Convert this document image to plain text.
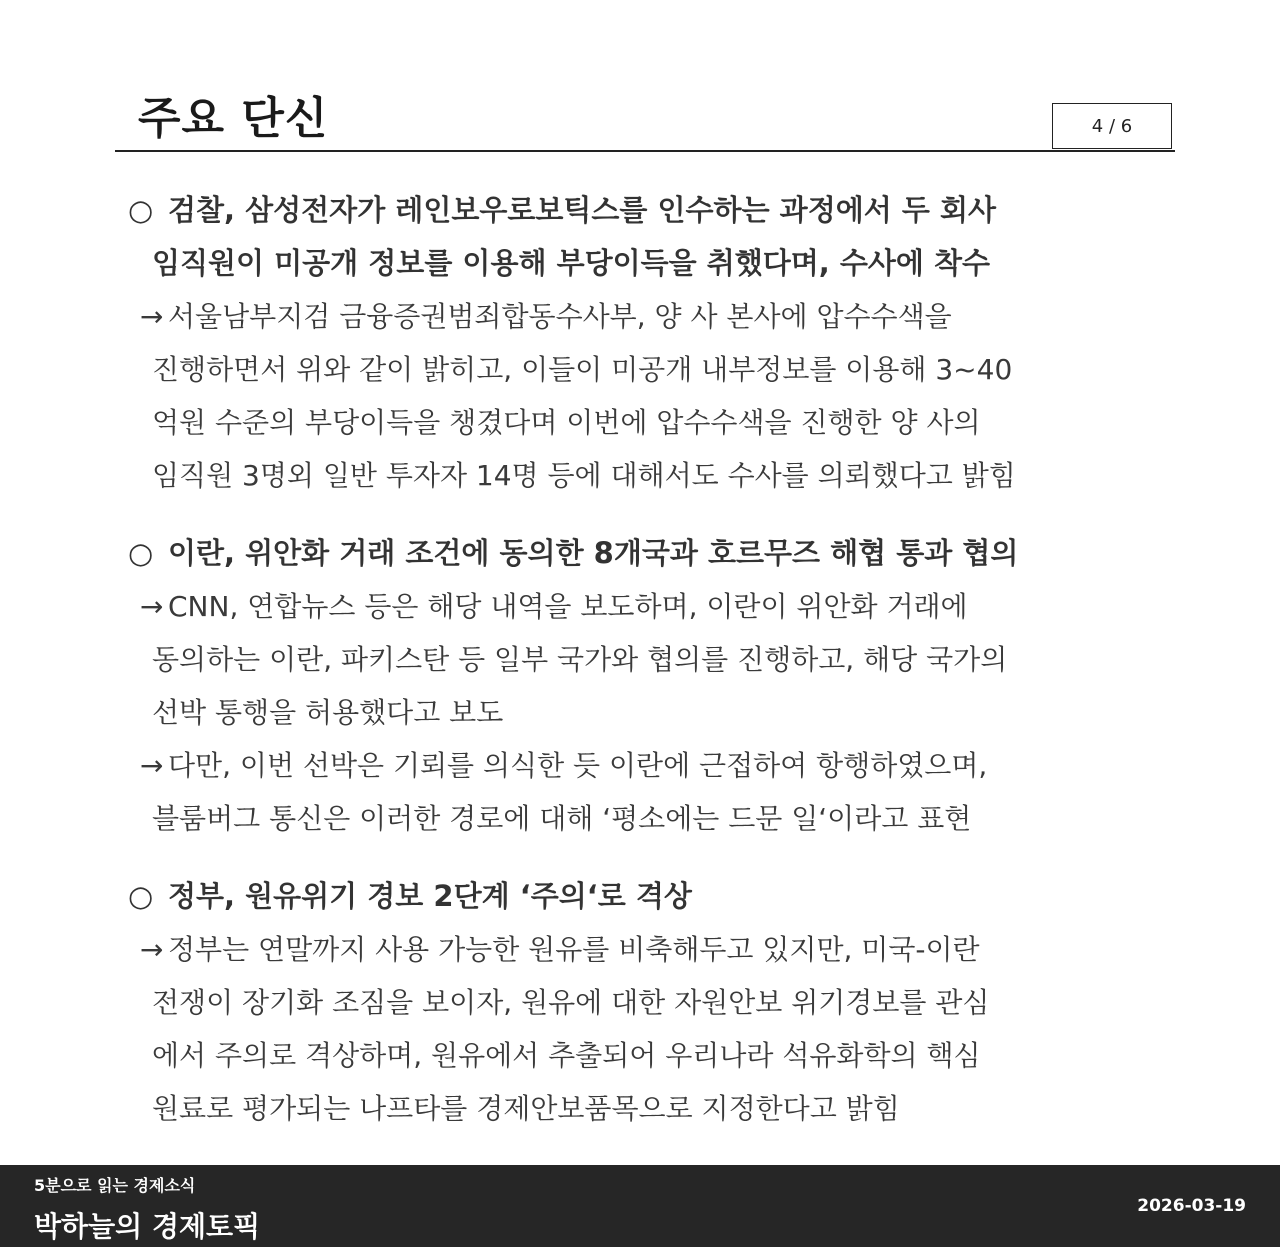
주요 단신	4 / 6
○ 검찰, 삼성전자가 레인보우로보틱스를 인수하는 과정에서 두 회사
임직원이 미공개 정보를 이용해 부당이득을 취했다며, 수사에 착수
→ 서울남부지검 금융증권범죄합동수사부, 양 사 본사에 압수수색을
진행하면서 위와 같이 밝히고, 이들이 미공개 내부정보를 이용해 3~40
억원 수준의 부당이득을 챙겼다며 이번에 압수수색을 진행한 양 사의
임직원 3명외 일반 투자자 14명 등에 대해서도 수사를 의뢰했다고 밝힘
○ 이란, 위안화 거래 조건에 동의한 8개국과 호르무즈 해협 통과 협의
→ CNN, 연합뉴스 등은 해당 내역을 보도하며, 이란이 위안화 거래에
동의하는 이란, 파키스탄 등 일부 국가와 협의를 진행하고, 해당 국가의
선박 통행을 허용했다고 보도
→ 다만, 이번 선박은 기뢰를 의식한 듯 이란에 근접하여 항행하였으며,
블룸버그 통신은 이러한 경로에 대해 ‘평소에는 드문 일‘이라고 표현
○ 정부, 원유위기 경보 2단계 ‘주의‘로 격상
→ 정부는 연말까지 사용 가능한 원유를 비축해두고 있지만, 미국-이란
전쟁이 장기화 조짐을 보이자, 원유에 대한 자원안보 위기경보를 관심
에서 주의로 격상하며, 원유에서 추출되어 우리나라 석유화학의 핵심
원료로 평가되는 나프타를 경제안보품목으로 지정한다고 밝힘
5분으로 읽는 경제소식
박하늘의 경제토픽
2026-03-19
